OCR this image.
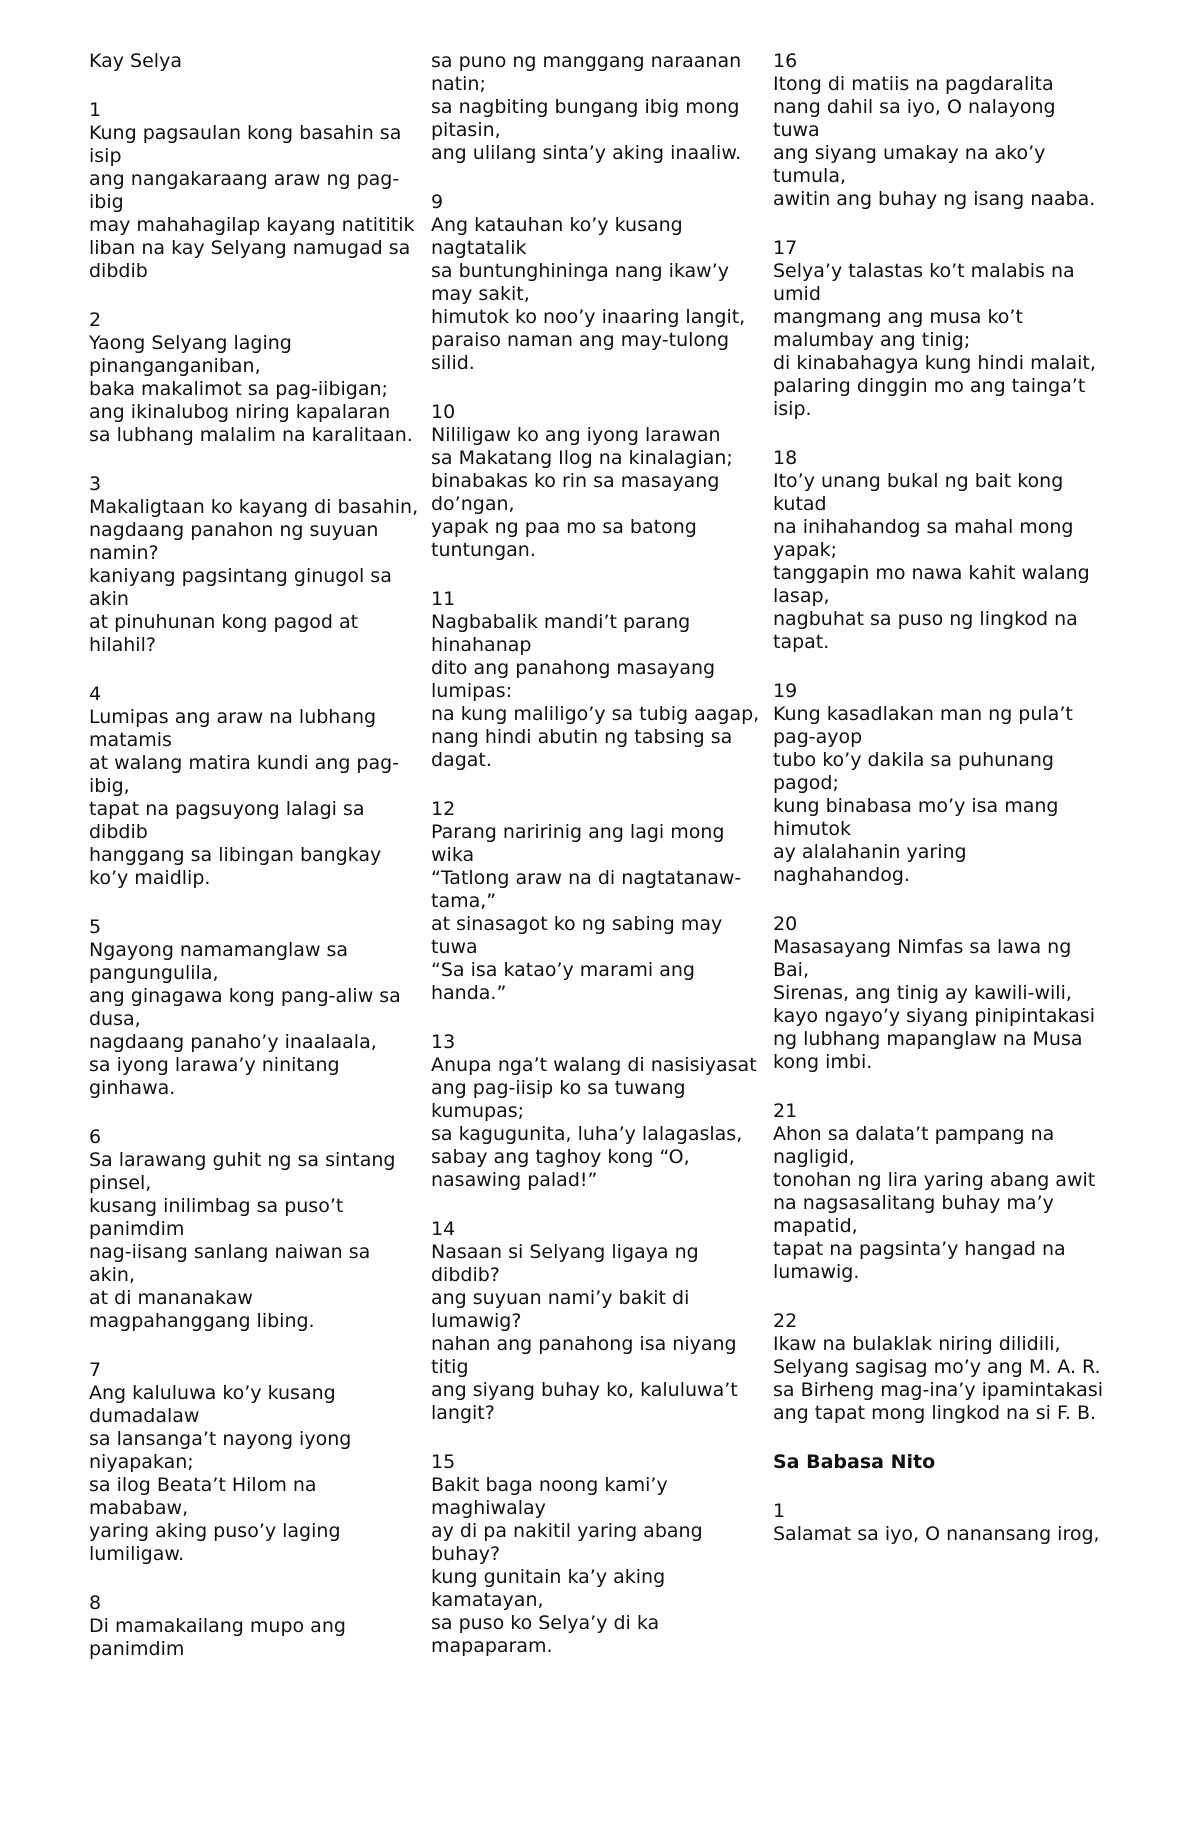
Kay Selya
1
Kung pagsaulan kong basahin sa isip
ang nangakaraang araw ng pag-ibig
may mahahagilap kayang natititik
liban na kay Selyang namugad sa dibdib
2
Yaong Selyang laging pinanganganiban,
baka makalimot sa pag-iibigan;
ang ikinalubog niring kapalaran
sa lubhang malalim na karalitaan.
3
Makaligtaan ko kayang di basahin,
nagdaang panahon ng suyuan namin?
kaniyang pagsintang ginugol sa akin
at pinuhunan kong pagod at hilahil?
4
Lumipas ang araw na lubhang matamis
at walang matira kundi ang pag-ibig,
tapat na pagsuyong lalagi sa dibdib
hanggang sa libingan bangkay ko’y maidlip.
5
Ngayong namamanglaw sa pangungulila,
ang ginagawa kong pang-aliw sa dusa,
nagdaang panaho’y inaalaala,
sa iyong larawa’y ninitang ginhawa.
6
Sa larawang guhit ng sa sintang pinsel,
kusang inilimbag sa puso’t panimdim
nag-iisang sanlang naiwan sa akin,
at di mananakaw magpahanggang libing.
7
Ang kaluluwa ko’y kusang dumadalaw
sa lansanga’t nayong iyong niyapakan;
sa ilog Beata’t Hilom na mababaw,
yaring aking puso’y laging lumiligaw.
8
Di mamakailang mupo ang panimdim
sa puno ng manggang naraanan natin;
sa nagbiting bungang ibig mong pitasin,
ang ulilang sinta’y aking inaaliw.
9
Ang katauhan ko’y kusang nagtatalik
sa buntunghininga nang ikaw’y may sakit,
himutok ko noo’y inaaring langit,
paraiso naman ang may-tulong silid.
10
Nililigaw ko ang iyong larawan
sa Makatang Ilog na kinalagian;
binabakas ko rin sa masayang do’ngan,
yapak ng paa mo sa batong tuntungan.
11
Nagbabalik mandi’t parang hinahanap
dito ang panahong masayang lumipas:
na kung maliligo’y sa tubig aagap,
nang hindi abutin ng tabsing sa dagat.
12
Parang naririnig ang lagi mong wika
“Tatlong araw na di nagtatanaw-tama,”
at sinasagot ko ng sabing may tuwa
“Sa isa katao’y marami ang handa.”
13
Anupa nga’t walang di nasisiyasat
ang pag-iisip ko sa tuwang kumupas;
sa kagugunita, luha’y lalagaslas,
sabay ang taghoy kong “O, nasawing palad!”
14
Nasaan si Selyang ligaya ng dibdib?
ang suyuan nami’y bakit di lumawig?
nahan ang panahong isa niyang titig
ang siyang buhay ko, kaluluwa’t langit?
15
Bakit baga noong kami’y maghiwalay
ay di pa nakitil yaring abang buhay?
kung gunitain ka’y aking kamatayan,
sa puso ko Selya’y di ka mapaparam.
16
Itong di matiis na pagdaralita
nang dahil sa iyo, O nalayong tuwa
ang siyang umakay na ako’y tumula,
awitin ang buhay ng isang naaba.
17
Selya’y talastas ko’t malabis na umid
mangmang ang musa ko’t malumbay ang tinig;
di kinabahagya kung hindi malait,
palaring dinggin mo ang tainga’t isip.
18
Ito’y unang bukal ng bait kong kutad
na inihahandog sa mahal mong yapak;
tanggapin mo nawa kahit walang lasap,
nagbuhat sa puso ng lingkod na tapat.
19
Kung kasadlakan man ng pula’t pag-ayop
tubo ko’y dakila sa puhunang pagod;
kung binabasa mo’y isa mang himutok
ay alalahanin yaring naghahandog.
20
Masasayang Nimfas sa lawa ng Bai,
Sirenas, ang tinig ay kawili-wili,
kayo ngayo’y siyang pinipintakasi
ng lubhang mapanglaw na Musa kong imbi.
21
Ahon sa dalata’t pampang na nagligid,
tonohan ng lira yaring abang awit
na nagsasalitang buhay ma’y mapatid,
tapat na pagsinta’y hangad na lumawig.
22
Ikaw na bulaklak niring dilidili,
Selyang sagisag mo’y ang M. A. R.
sa Birheng mag-ina’y ipamintakasi
ang tapat mong lingkod na si F. B.
Sa Babasa Nito
1
Salamat sa iyo, O nanansang irog,
